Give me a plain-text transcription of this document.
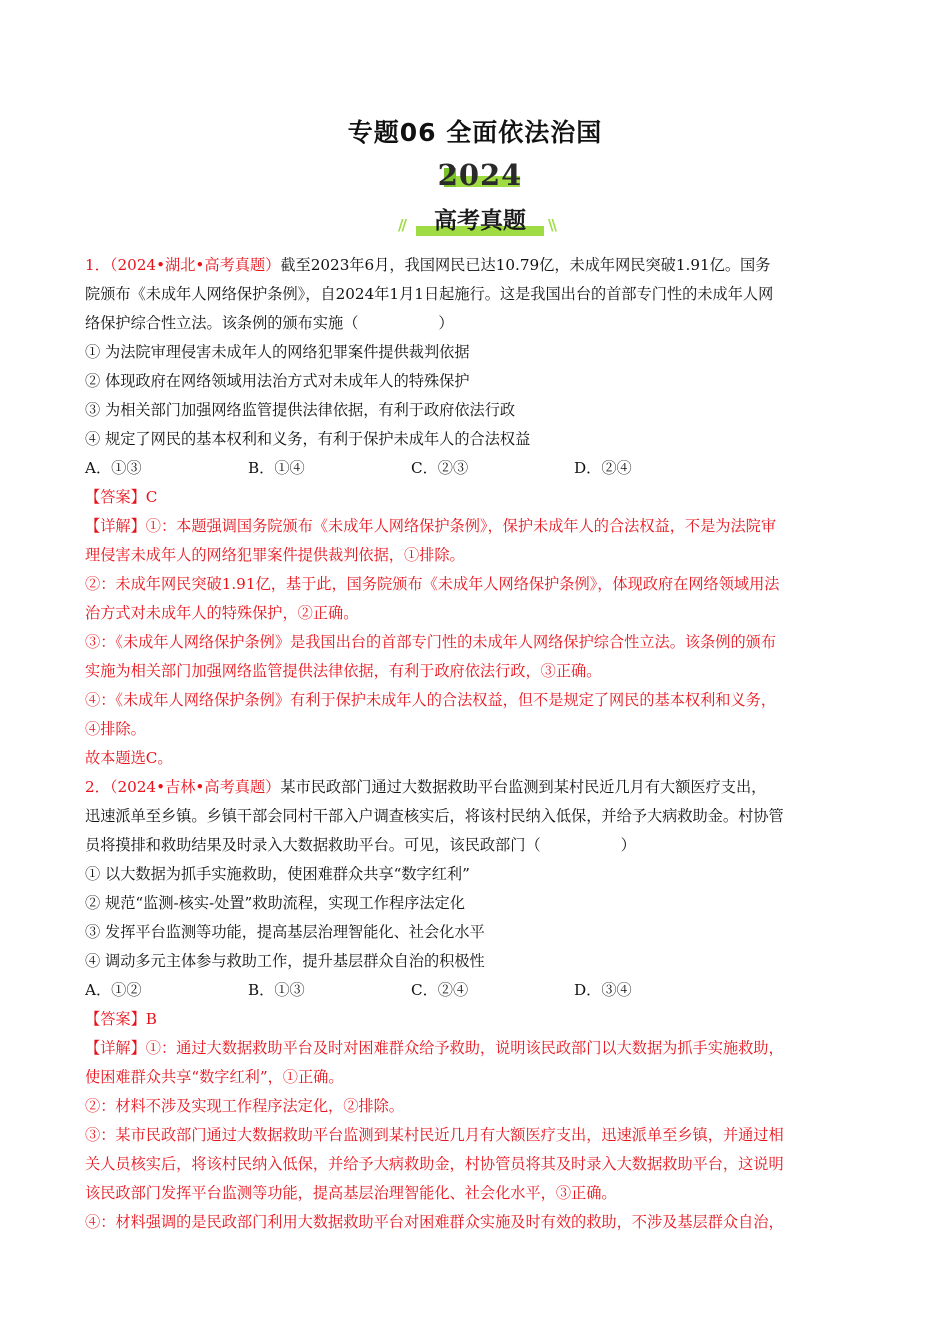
专题06 全面依法治国
2024
//	高考真题	\\
1．（2024•湖北•高考真题）截至2023年6月，我国网民已达10.79亿，未成年网民突破1.91亿。国务
院颁布《未成年人网络保护条例》，自2024年1月1日起施行。这是我国出台的首部专门性的未成年人网
络保护综合性立法。该条例的颁布实施（	）
① 为法院审理侵害未成年人的网络犯罪案件提供裁判依据
② 体现政府在网络领域用法治方式对未成年人的特殊保护
③ 为相关部门加强网络监管提供法律依据，有利于政府依法行政
④ 规定了网民的基本权利和义务，有利于保护未成年人的合法权益
A．①③	B．①④	C．②③	D．②④
【答案】C
【详解】①：本题强调国务院颁布《未成年人网络保护条例》，保护未成年人的合法权益，不是为法院审
理侵害未成年人的网络犯罪案件提供裁判依据，①排除。
②：未成年网民突破1.91亿，基于此，国务院颁布《未成年人网络保护条例》，体现政府在网络领域用法
治方式对未成年人的特殊保护，②正确。
③：《未成年人网络保护条例》是我国出台的首部专门性的未成年人网络保护综合性立法。该条例的颁布
实施为相关部门加强网络监管提供法律依据，有利于政府依法行政，③正确。
④：《未成年人网络保护条例》有利于保护未成年人的合法权益，但不是规定了网民的基本权利和义务，
④排除。
故本题选C。
2．（2024•吉林•高考真题）某市民政部门通过大数据救助平台监测到某村民近几月有大额医疗支出，
迅速派单至乡镇。乡镇干部会同村干部入户调查核实后，将该村民纳入低保，并给予大病救助金。村协管
员将摸排和救助结果及时录入大数据救助平台。可见，该民政部门（	）
① 以大数据为抓手实施救助，使困难群众共享“数字红利”
② 规范“监测-核实-处置”救助流程，实现工作程序法定化
③ 发挥平台监测等功能，提高基层治理智能化、社会化水平
④ 调动多元主体参与救助工作，提升基层群众自治的积极性
A．①②	B．①③	C．②④	D．③④
【答案】B
【详解】①：通过大数据救助平台及时对困难群众给予救助，说明该民政部门以大数据为抓手实施救助，
使困难群众共享“数字红利”，①正确。
②：材料不涉及实现工作程序法定化，②排除。
③：某市民政部门通过大数据救助平台监测到某村民近几月有大额医疗支出，迅速派单至乡镇，并通过相
关人员核实后，将该村民纳入低保，并给予大病救助金，村协管员将其及时录入大数据救助平台，这说明
该民政部门发挥平台监测等功能，提高基层治理智能化、社会化水平，③正确。
④：材料强调的是民政部门利用大数据救助平台对困难群众实施及时有效的救助，不涉及基层群众自治，
